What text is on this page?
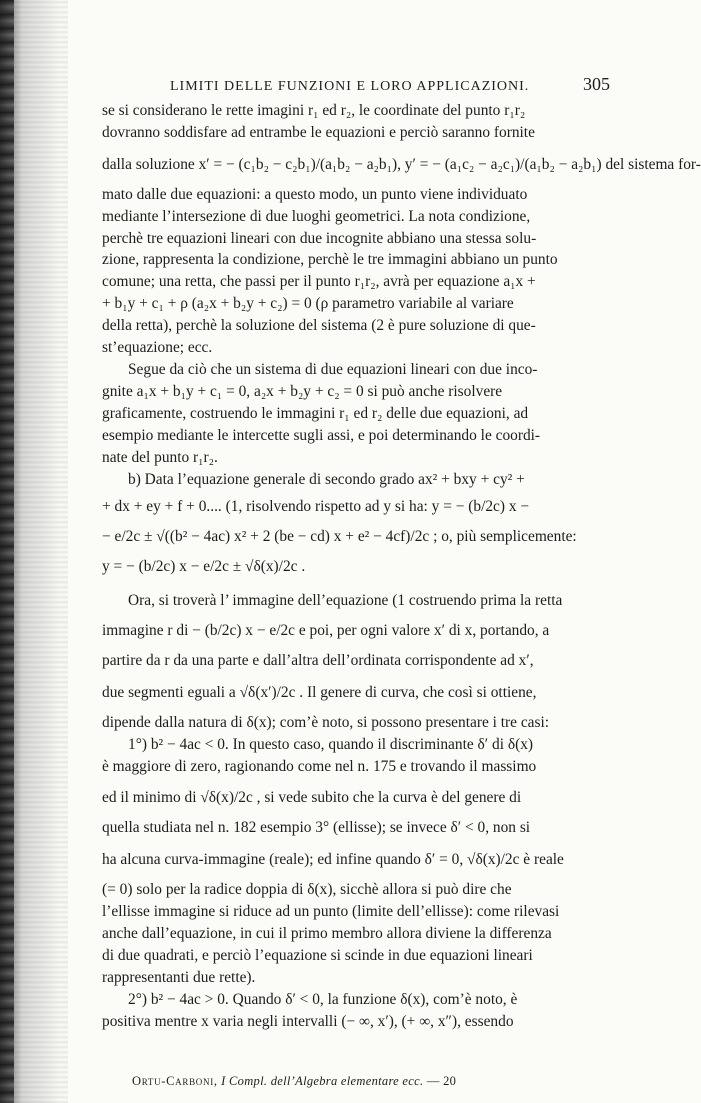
LIMITI DELLE FUNZIONI E LORO APPLICAZIONI.	305
se si considerano le rette imagini r₁ ed r₂, le coordinate del punto r₁r₂
dovranno soddisfare ad entrambe le equazioni e perciò saranno fornite
dalla soluzione x′ = − (c₁b₂ − c₂b₁)/(a₁b₂ − a₂b₁), y′ = − (a₁c₂ − a₂c₁)/(a₁b₂ − a₂b₁) del sistema for-
mato dalle due equazioni: a questo modo, un punto viene individuato
mediante l’intersezione di due luoghi geometrici. La nota condizione,
perchè tre equazioni lineari con due incognite abbiano una stessa solu-
zione, rappresenta la condizione, perchè le tre immagini abbiano un punto
comune; una retta, che passi per il punto r₁r₂, avrà per equazione a₁x +
+ b₁y + c₁ + ρ (a₂x + b₂y + c₂) = 0 (ρ parametro variabile al variare
della retta), perchè la soluzione del sistema (2 è pure soluzione di que-
st’equazione; ecc.
Segue da ciò che un sistema di due equazioni lineari con due inco-
gnite a₁x + b₁y + c₁ = 0, a₂x + b₂y + c₂ = 0 si può anche risolvere
graficamente, costruendo le immagini r₁ ed r₂ delle due equazioni, ad
esempio mediante le intercette sugli assi, e poi determinando le coordi-
nate del punto r₁r₂.
b) Data l’equazione generale di secondo grado ax² + bxy + cy² +
+ dx + ey + f + 0.... (1, risolvendo rispetto ad y si ha: y = − (b/2c) x −
− e/2c ± √((b² − 4ac) x² + 2 (be − cd) x + e² − 4cf)/2c ; o, più semplicemente:
y = − (b/2c) x − e/2c ± √δ(x)/2c .
Ora, si troverà l’ immagine dell’equazione (1 costruendo prima la retta
immagine r di − (b/2c) x − e/2c e poi, per ogni valore x′ di x, portando, a
partire da r da una parte e dall’altra dell’ordinata corrispondente ad x′,
due segmenti eguali a √δ(x′)/2c . Il genere di curva, che così si ottiene,
dipende dalla natura di δ(x); com’è noto, si possono presentare i tre casi:
1°) b² − 4ac < 0. In questo caso, quando il discriminante δ′ di δ(x)
è maggiore di zero, ragionando come nel n. 175 e trovando il massimo
ed il minimo di √δ(x)/2c , si vede subito che la curva è del genere di
quella studiata nel n. 182 esempio 3° (ellisse); se invece δ′ < 0, non si
ha alcuna curva-immagine (reale); ed infine quando δ′ = 0, √δ(x)/2c è reale
(= 0) solo per la radice doppia di δ(x), sicchè allora si può dire che
l’ellisse immagine si riduce ad un punto (limite dell’ellisse): come rilevasi
anche dall’equazione, in cui il primo membro allora diviene la differenza
di due quadrati, e perciò l’equazione si scinde in due equazioni lineari
rappresentanti due rette).
2°) b² − 4ac > 0. Quando δ′ < 0, la funzione δ(x), com’è noto, è
positiva mentre x varia negli intervalli (− ∞, x′), (+ ∞, x″), essendo
Ortu-Carboni, I Compl. dell’Algebra elementare ecc. — 20
